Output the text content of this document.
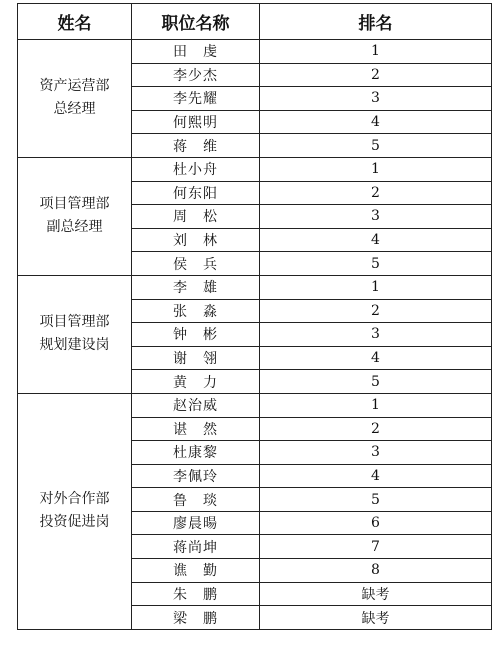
姓名	职位名称	排名

资产运营部
总经理	田　虔	1
	李少杰	2
	李先耀	3
	何熙明	4
	蒋　维	5

项目管理部
副总经理	杜小舟	1
	何东阳	2
	周　松	3
	刘　林	4
	侯　兵	5

项目管理部
规划建设岗	李　雄	1
	张　淼	2
	钟　彬	3
	谢　翎	4
	黄　力	5

对外合作部
投资促进岗	赵治威	1
	谌　然	2
	杜康黎	3
	李佩玲	4
	鲁　琰	5
	廖晨暘	6
	蒋尚坤	7
	谯　勤	8
	朱　鹏	缺考
	梁　鹏	缺考
